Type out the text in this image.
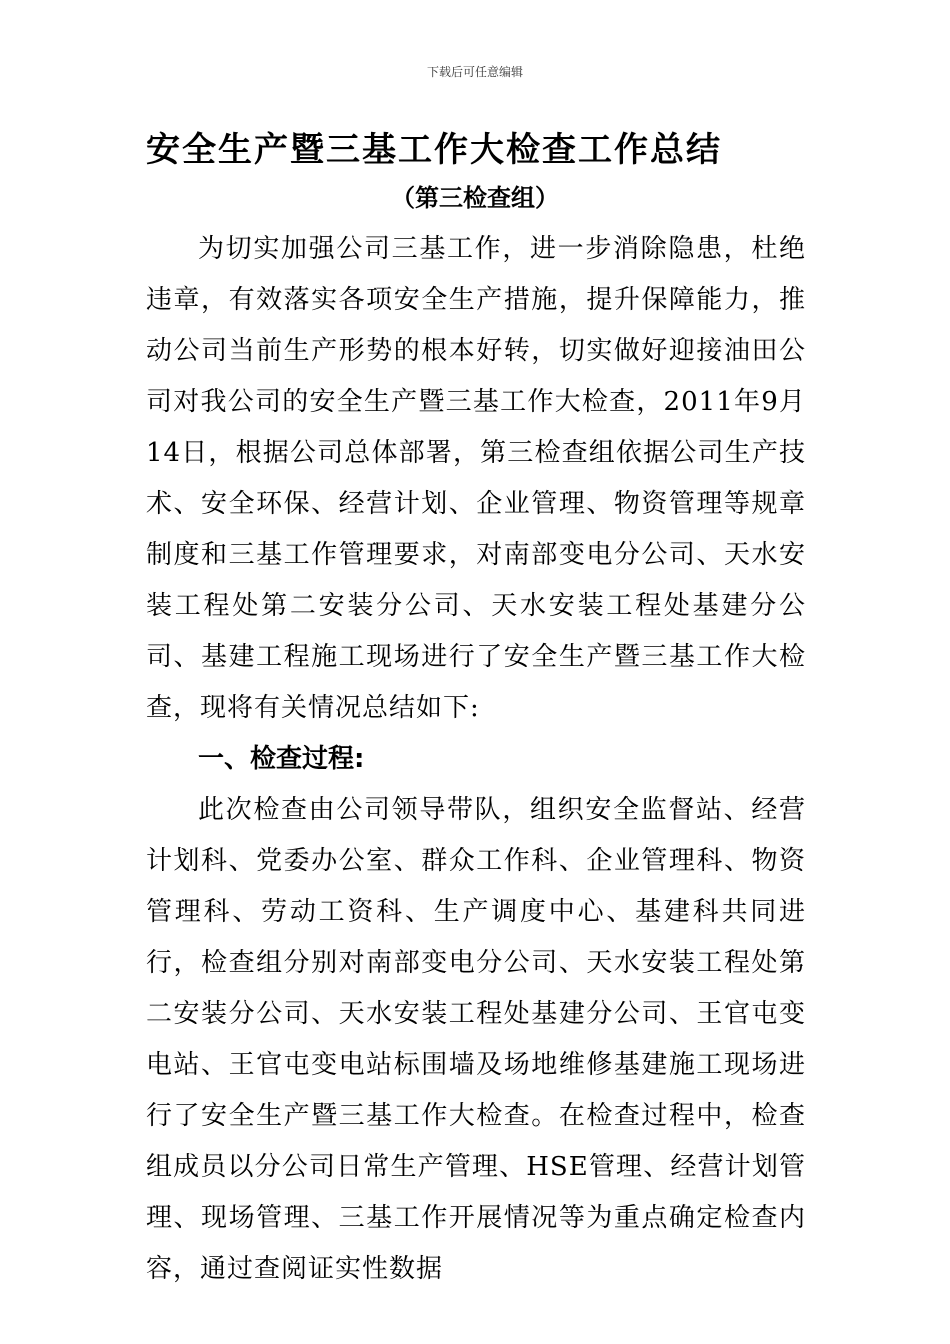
下载后可任意编辑
安全生产暨三基工作大检查工作总结
（第三检查组）

为切实加强公司三基工作，进一步消除隐患，杜绝违章，有效落实各项安全生产措施，提升保障能力，推动公司当前生产形势的根本好转，切实做好迎接油田公司对我公司的安全生产暨三基工作大检查，2011年9月14日，根据公司总体部署，第三检查组依据公司生产技术、安全环保、经营计划、企业管理、物资管理等规章制度和三基工作管理要求，对南部变电分公司、天水安装工程处第二安装分公司、天水安装工程处基建分公司、基建工程施工现场进行了安全生产暨三基工作大检查，现将有关情况总结如下:

一、检查过程:

此次检查由公司领导带队，组织安全监督站、经营计划科、党委办公室、群众工作科、企业管理科、物资管理科、劳动工资科、生产调度中心、基建科共同进行，检查组分别对南部变电分公司、天水安装工程处第二安装分公司、天水安装工程处基建分公司、王官屯变电站、王官屯变电站标围墙及场地维修基建施工现场进行了安全生产暨三基工作大检查。在检查过程中，检查组成员以分公司日常生产管理、HSE管理、经营计划管理、现场管理、三基工作开展情况等为重点确定检查内容，通过查阅证实性数据
